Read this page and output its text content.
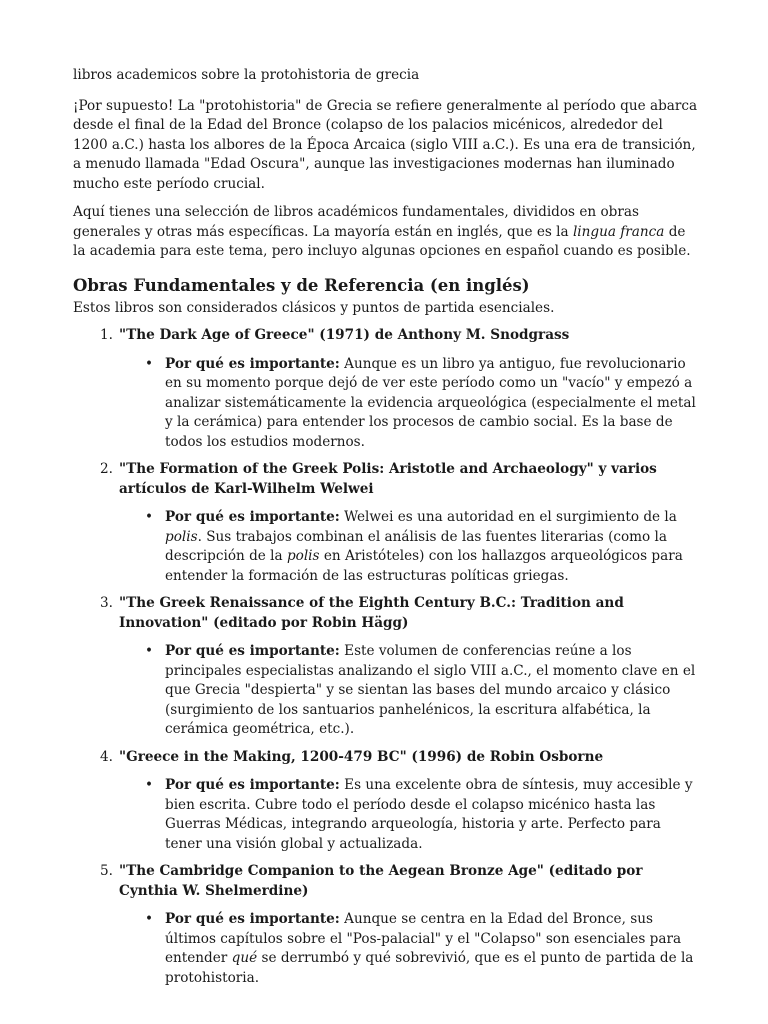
libros academicos sobre la protohistoria de grecia

¡Por supuesto! La "protohistoria" de Grecia se refiere generalmente al período que abarca desde el final de la Edad del Bronce (colapso de los palacios micénicos, alrededor del 1200 a.C.) hasta los albores de la Época Arcaica (siglo VIII a.C.). Es una era de transición, a menudo llamada "Edad Oscura", aunque las investigaciones modernas han iluminado mucho este período crucial.

Aquí tienes una selección de libros académicos fundamentales, divididos en obras generales y otras más específicas. La mayoría están en inglés, que es la lingua franca de la academia para este tema, pero incluyo algunas opciones en español cuando es posible.

Obras Fundamentales y de Referencia (en inglés)

Estos libros son considerados clásicos y puntos de partida esenciales.

1. "The Dark Age of Greece" (1971) de Anthony M. Snodgrass
• Por qué es importante: Aunque es un libro ya antiguo, fue revolucionario en su momento porque dejó de ver este período como un "vacío" y empezó a analizar sistemáticamente la evidencia arqueológica (especialmente el metal y la cerámica) para entender los procesos de cambio social. Es la base de todos los estudios modernos.
2. "The Formation of the Greek Polis: Aristotle and Archaeology" y varios artículos de Karl-Wilhelm Welwei
• Por qué es importante: Welwei es una autoridad en el surgimiento de la polis. Sus trabajos combinan el análisis de las fuentes literarias (como la descripción de la polis en Aristóteles) con los hallazgos arqueológicos para entender la formación de las estructuras políticas griegas.
3. "The Greek Renaissance of the Eighth Century B.C.: Tradition and Innovation" (editado por Robin Hägg)
• Por qué es importante: Este volumen de conferencias reúne a los principales especialistas analizando el siglo VIII a.C., el momento clave en el que Grecia "despierta" y se sientan las bases del mundo arcaico y clásico (surgimiento de los santuarios panhelénicos, la escritura alfabética, la cerámica geométrica, etc.).
4. "Greece in the Making, 1200-479 BC" (1996) de Robin Osborne
• Por qué es importante: Es una excelente obra de síntesis, muy accesible y bien escrita. Cubre todo el período desde el colapso micénico hasta las Guerras Médicas, integrando arqueología, historia y arte. Perfecto para tener una visión global y actualizada.
5. "The Cambridge Companion to the Aegean Bronze Age" (editado por Cynthia W. Shelmerdine)
• Por qué es importante: Aunque se centra en la Edad del Bronce, sus últimos capítulos sobre el "Pos-palacial" y el "Colapso" son esenciales para entender qué se derrumbó y qué sobrevivió, que es el punto de partida de la protohistoria.
